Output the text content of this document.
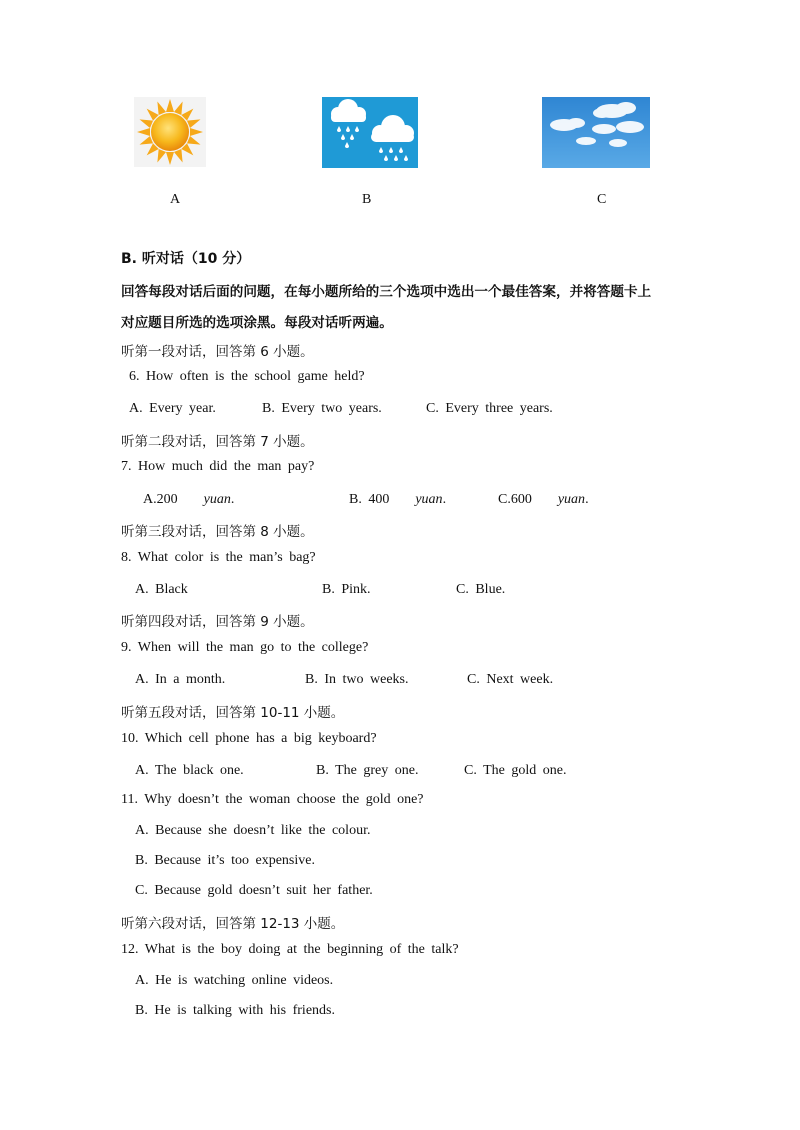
A	B	C
B. 听对话（10 分）
回答每段对话后面的问题，在每小题所给的三个选项中选出一个最佳答案，并将答题卡上
对应题目所选的选项涂黑。每段对话听两遍。
听第一段对话，回答第 6 小题。
6. How often is the school game held?
A. Every year.	B. Every two years.	C. Every three years.
听第二段对话，回答第 7 小题。
7. How much did the man pay?
A.200 yuan.	B. 400 yuan.	C.600 yuan.
听第三段对话，回答第 8 小题。
8. What color is the man’s bag?
A. Black	B. Pink.	C. Blue.
听第四段对话，回答第 9 小题。
9. When will the man go to the college?
A. In a month.	B. In two weeks.	C. Next week.
听第五段对话，回答第 10-11 小题。
10. Which cell phone has a big keyboard?
A. The black one.	B. The grey one.	C. The gold one.
11. Why doesn’t the woman choose the gold one?
A. Because she doesn’t like the colour.
B. Because it’s too expensive.
C. Because gold doesn’t suit her father.
听第六段对话，回答第 12-13 小题。
12. What is the boy doing at the beginning of the talk?
A. He is watching online videos.
B. He is talking with his friends.
